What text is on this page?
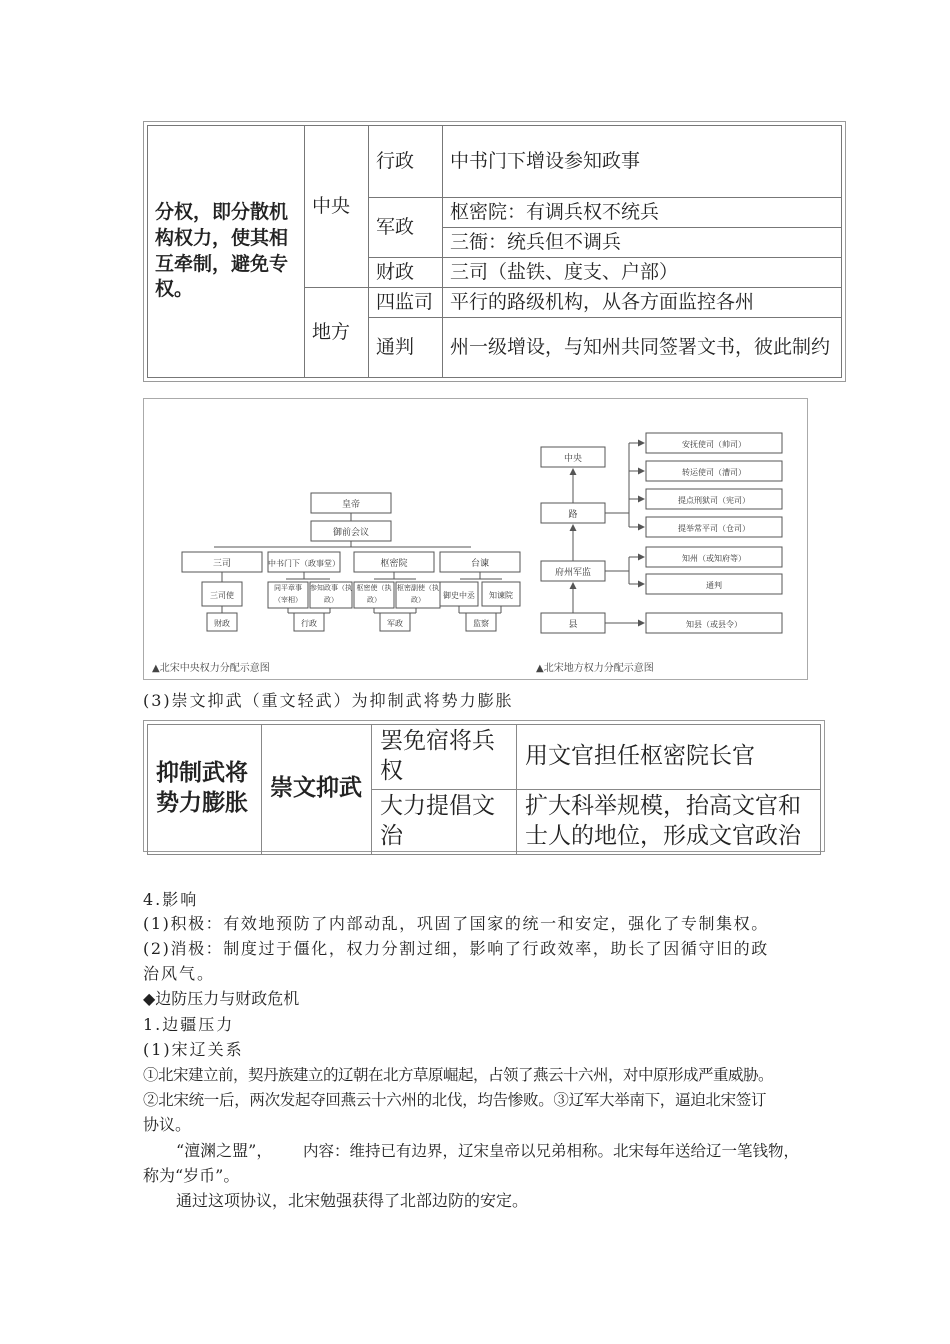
分权，即分散机构权力，使其相互牵制，避免专权。	中央	行政	中书门下增设参知政事
		军政	枢密院：有调兵权不统兵
			三衙：统兵但不调兵
		财政	三司（盐铁、度支、户部）
	地方	四监司	平行的路级机构，从各方面监控各州
		通判	州一级增设，与知州共同签署文书，彼此制约
皇帝
御前会议
三司	中书门下（政事堂）	枢密院	台谏
三司使
同平章事（宰相）
参知政事（执政）
枢密使（执政）
枢密副使（执政）	御史中丞 知谏院
财政	行政	军政	监察
中央
路
府州军监
县
安抚使司（帅司）
转运使司（漕司）
提点刑狱司（宪司）
提举常平司（仓司）
知州（或知府等）
通判
知县（或县令）
▲北宋中央权力分配示意图	▲北宋地方权力分配示意图
(3)崇文抑武（重文轻武）为抑制武将势力膨胀
抑制武将势力膨胀	崇文抑武	罢免宿将兵权	用文官担任枢密院长官
		大力提倡文治	扩大科举规模，抬高文官和士人的地位，形成文官政治
4.影响
(1)积极：有效地预防了内部动乱，巩固了国家的统一和安定，强化了专制集权。
(2)消极：制度过于僵化，权力分割过细，影响了行政效率，助长了因循守旧的政
治风气。
◆边防压力与财政危机
1.边疆压力
(1)宋辽关系
①北宋建立前，契丹族建立的辽朝在北方草原崛起，占领了燕云十六州，对中原形成严重威胁。
②北宋统一后，两次发起夺回燕云十六州的北伐，均告惨败。③辽军大举南下，逼迫北宋签订
协议。
“澶渊之盟”， 内容：维持已有边界，辽宋皇帝以兄弟相称。北宋每年送给辽一笔钱物，
称为“岁币”。
通过这项协议，北宋勉强获得了北部边防的安定。
